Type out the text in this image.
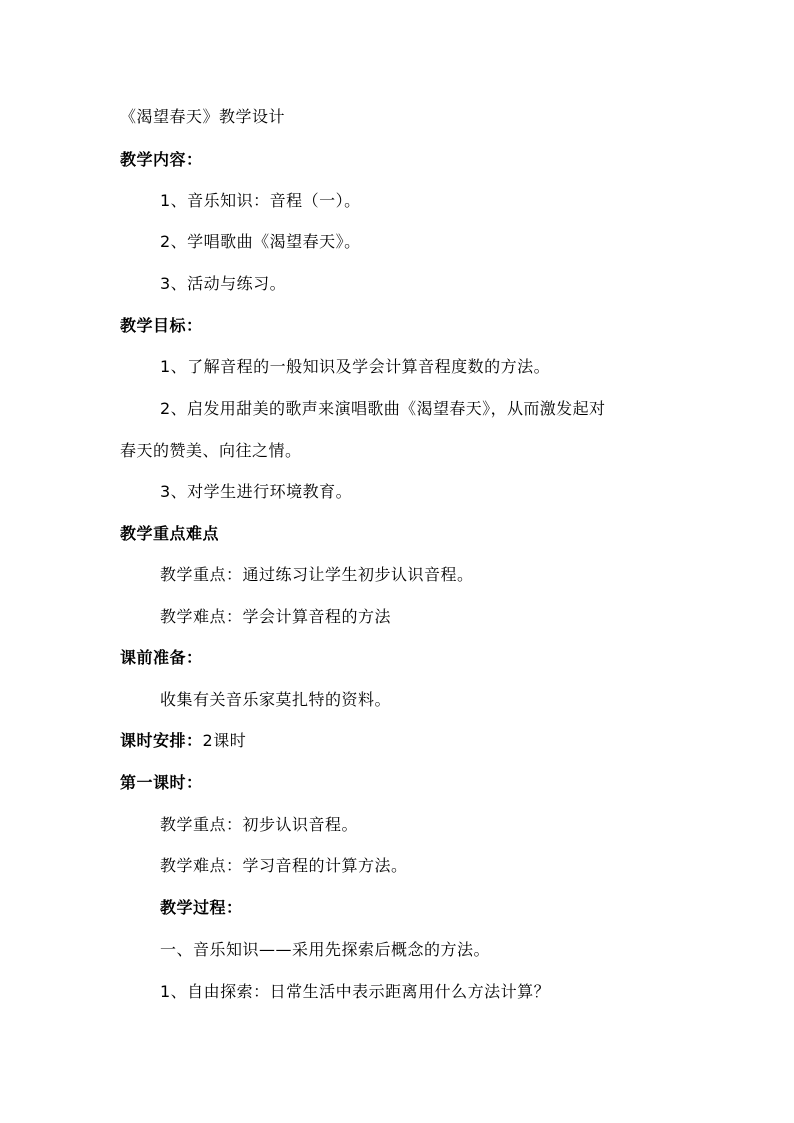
《渴望春天》教学设计
教学内容：
1、音乐知识：音程（一）。
2、学唱歌曲《渴望春天》。
3、活动与练习。
教学目标：
1、了解音程的一般知识及学会计算音程度数的方法。
2、启发用甜美的歌声来演唱歌曲《渴望春天》，从而激发起对
春天的赞美、向往之情。
3、对学生进行环境教育。
教学重点难点
教学重点：通过练习让学生初步认识音程。
教学难点：学会计算音程的方法
课前准备：
收集有关音乐家莫扎特的资料。
课时安排：2课时
第一课时：
教学重点：初步认识音程。
教学难点：学习音程的计算方法。
教学过程：
一、音乐知识——采用先探索后概念的方法。
1、自由探索：日常生活中表示距离用什么方法计算？
